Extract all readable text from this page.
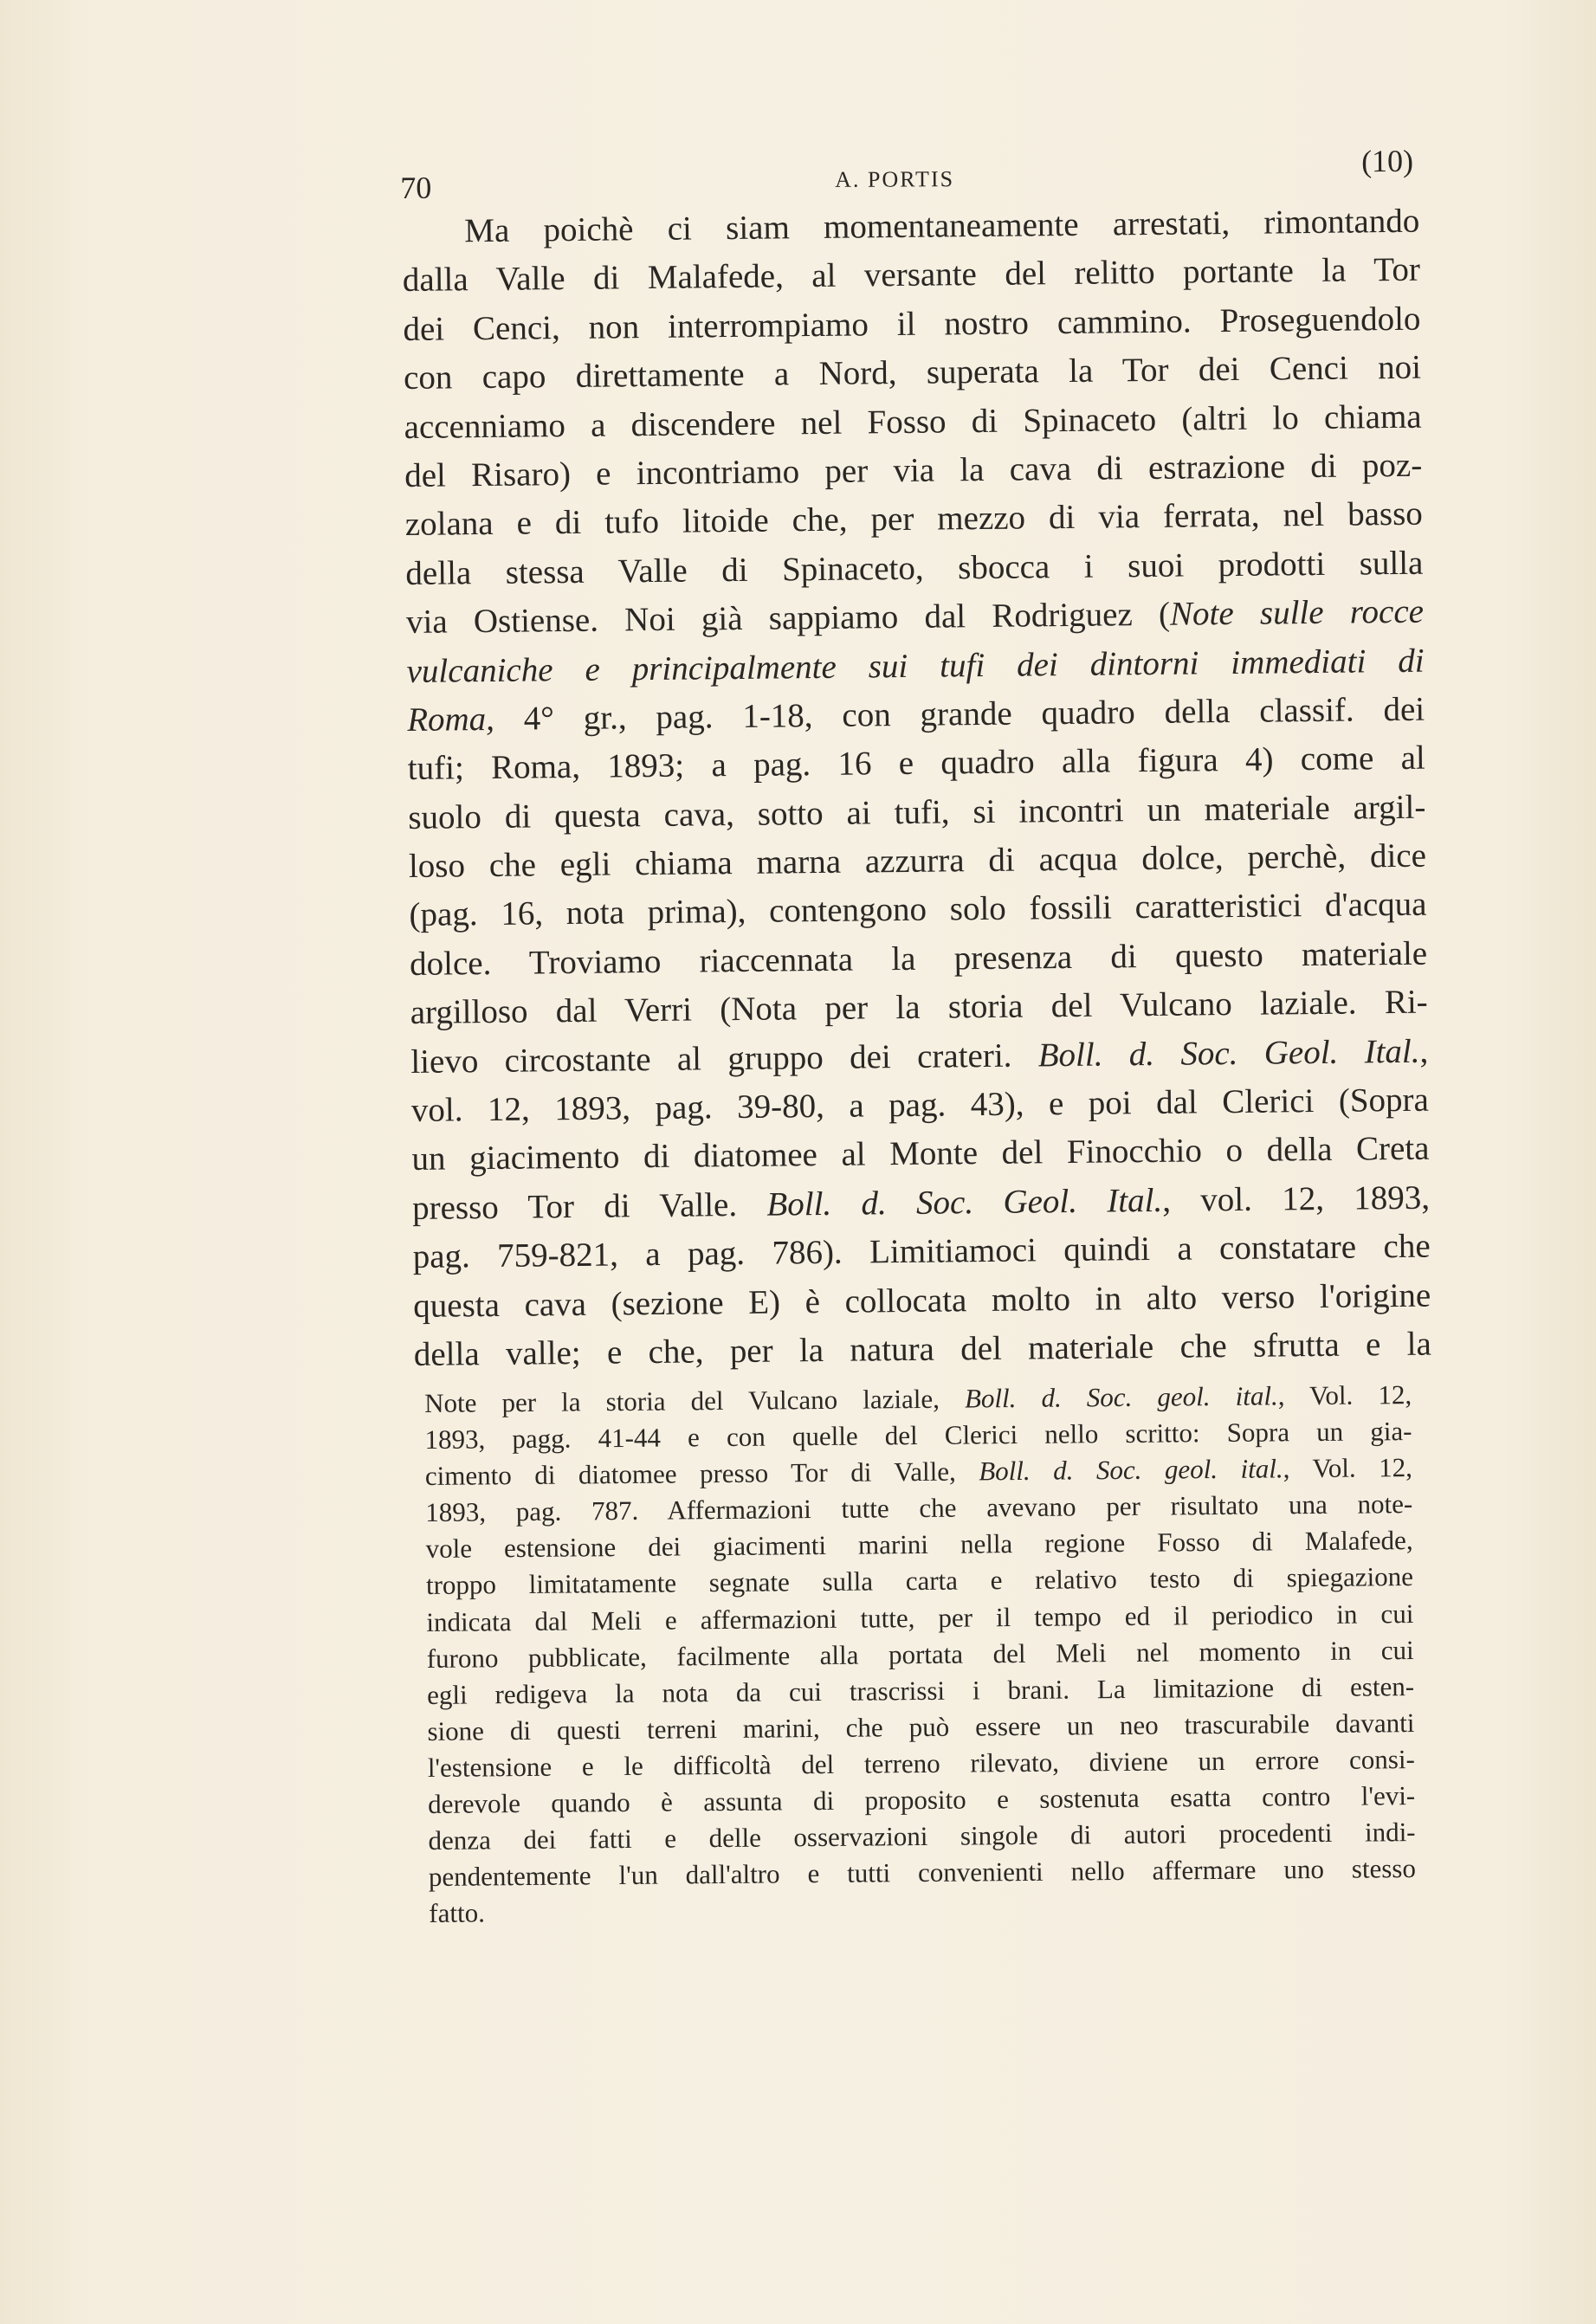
70	A. PORTIS
(10)
Ma poichè ci siam momentaneamente arrestati, rimontando
dalla Valle di Malafede, al versante del relitto portante la Tor
dei Cenci, non interrompiamo il nostro cammino. Proseguendolo
con capo direttamente a Nord, superata la Tor dei Cenci noi
accenniamo a discendere nel Fosso di Spinaceto (altri lo chiama
del Risaro) e incontriamo per via la cava di estrazione di poz-
zolana e di tufo litoide che, per mezzo di via ferrata, nel basso
della stessa Valle di Spinaceto, sbocca i suoi prodotti sulla
via Ostiense. Noi già sappiamo dal Rodriguez (Note sulle rocce
vulcaniche e principalmente sui tufi dei dintorni immediati di
Roma, 4° gr., pag. 1-18, con grande quadro della classif. dei
tufi; Roma, 1893; a pag. 16 e quadro alla figura 4) come al
suolo di questa cava, sotto ai tufi, si incontri un materiale argil-
loso che egli chiama marna azzurra di acqua dolce, perchè, dice
(pag. 16, nota prima), contengono solo fossili caratteristici d'acqua
dolce. Troviamo riaccennata la presenza di questo materiale
argilloso dal Verri (Nota per la storia del Vulcano laziale. Ri-
lievo circostante al gruppo dei crateri. Boll. d. Soc. Geol. Ital.,
vol. 12, 1893, pag. 39-80, a pag. 43), e poi dal Clerici (Sopra
un giacimento di diatomee al Monte del Finocchio o della Creta
presso Tor di Valle. Boll. d. Soc. Geol. Ital., vol. 12, 1893,
pag. 759-821, a pag. 786). Limitiamoci quindi a constatare che
questa cava (sezione E) è collocata molto in alto verso l'origine
della valle; e che, per la natura del materiale che sfrutta e la
Note per la storia del Vulcano laziale, Boll. d. Soc. geol. ital., Vol. 12,
1893, pagg. 41-44 e con quelle del Clerici nello scritto: Sopra un gia-
cimento di diatomee presso Tor di Valle, Boll. d. Soc. geol. ital., Vol. 12,
1893, pag. 787. Affermazioni tutte che avevano per risultato una note-
vole estensione dei giacimenti marini nella regione Fosso di Malafede,
troppo limitatamente segnate sulla carta e relativo testo di spiegazione
indicata dal Meli e affermazioni tutte, per il tempo ed il periodico in cui
furono pubblicate, facilmente alla portata del Meli nel momento in cui
egli redigeva la nota da cui trascrissi i brani. La limitazione di esten-
sione di questi terreni marini, che può essere un neo trascurabile davanti
l'estensione e le difficoltà del terreno rilevato, diviene un errore consi-
derevole quando è assunta di proposito e sostenuta esatta contro l'evi-
denza dei fatti e delle osservazioni singole di autori procedenti indi-
pendentemente l'un dall'altro e tutti convenienti nello affermare uno stesso
fatto.
